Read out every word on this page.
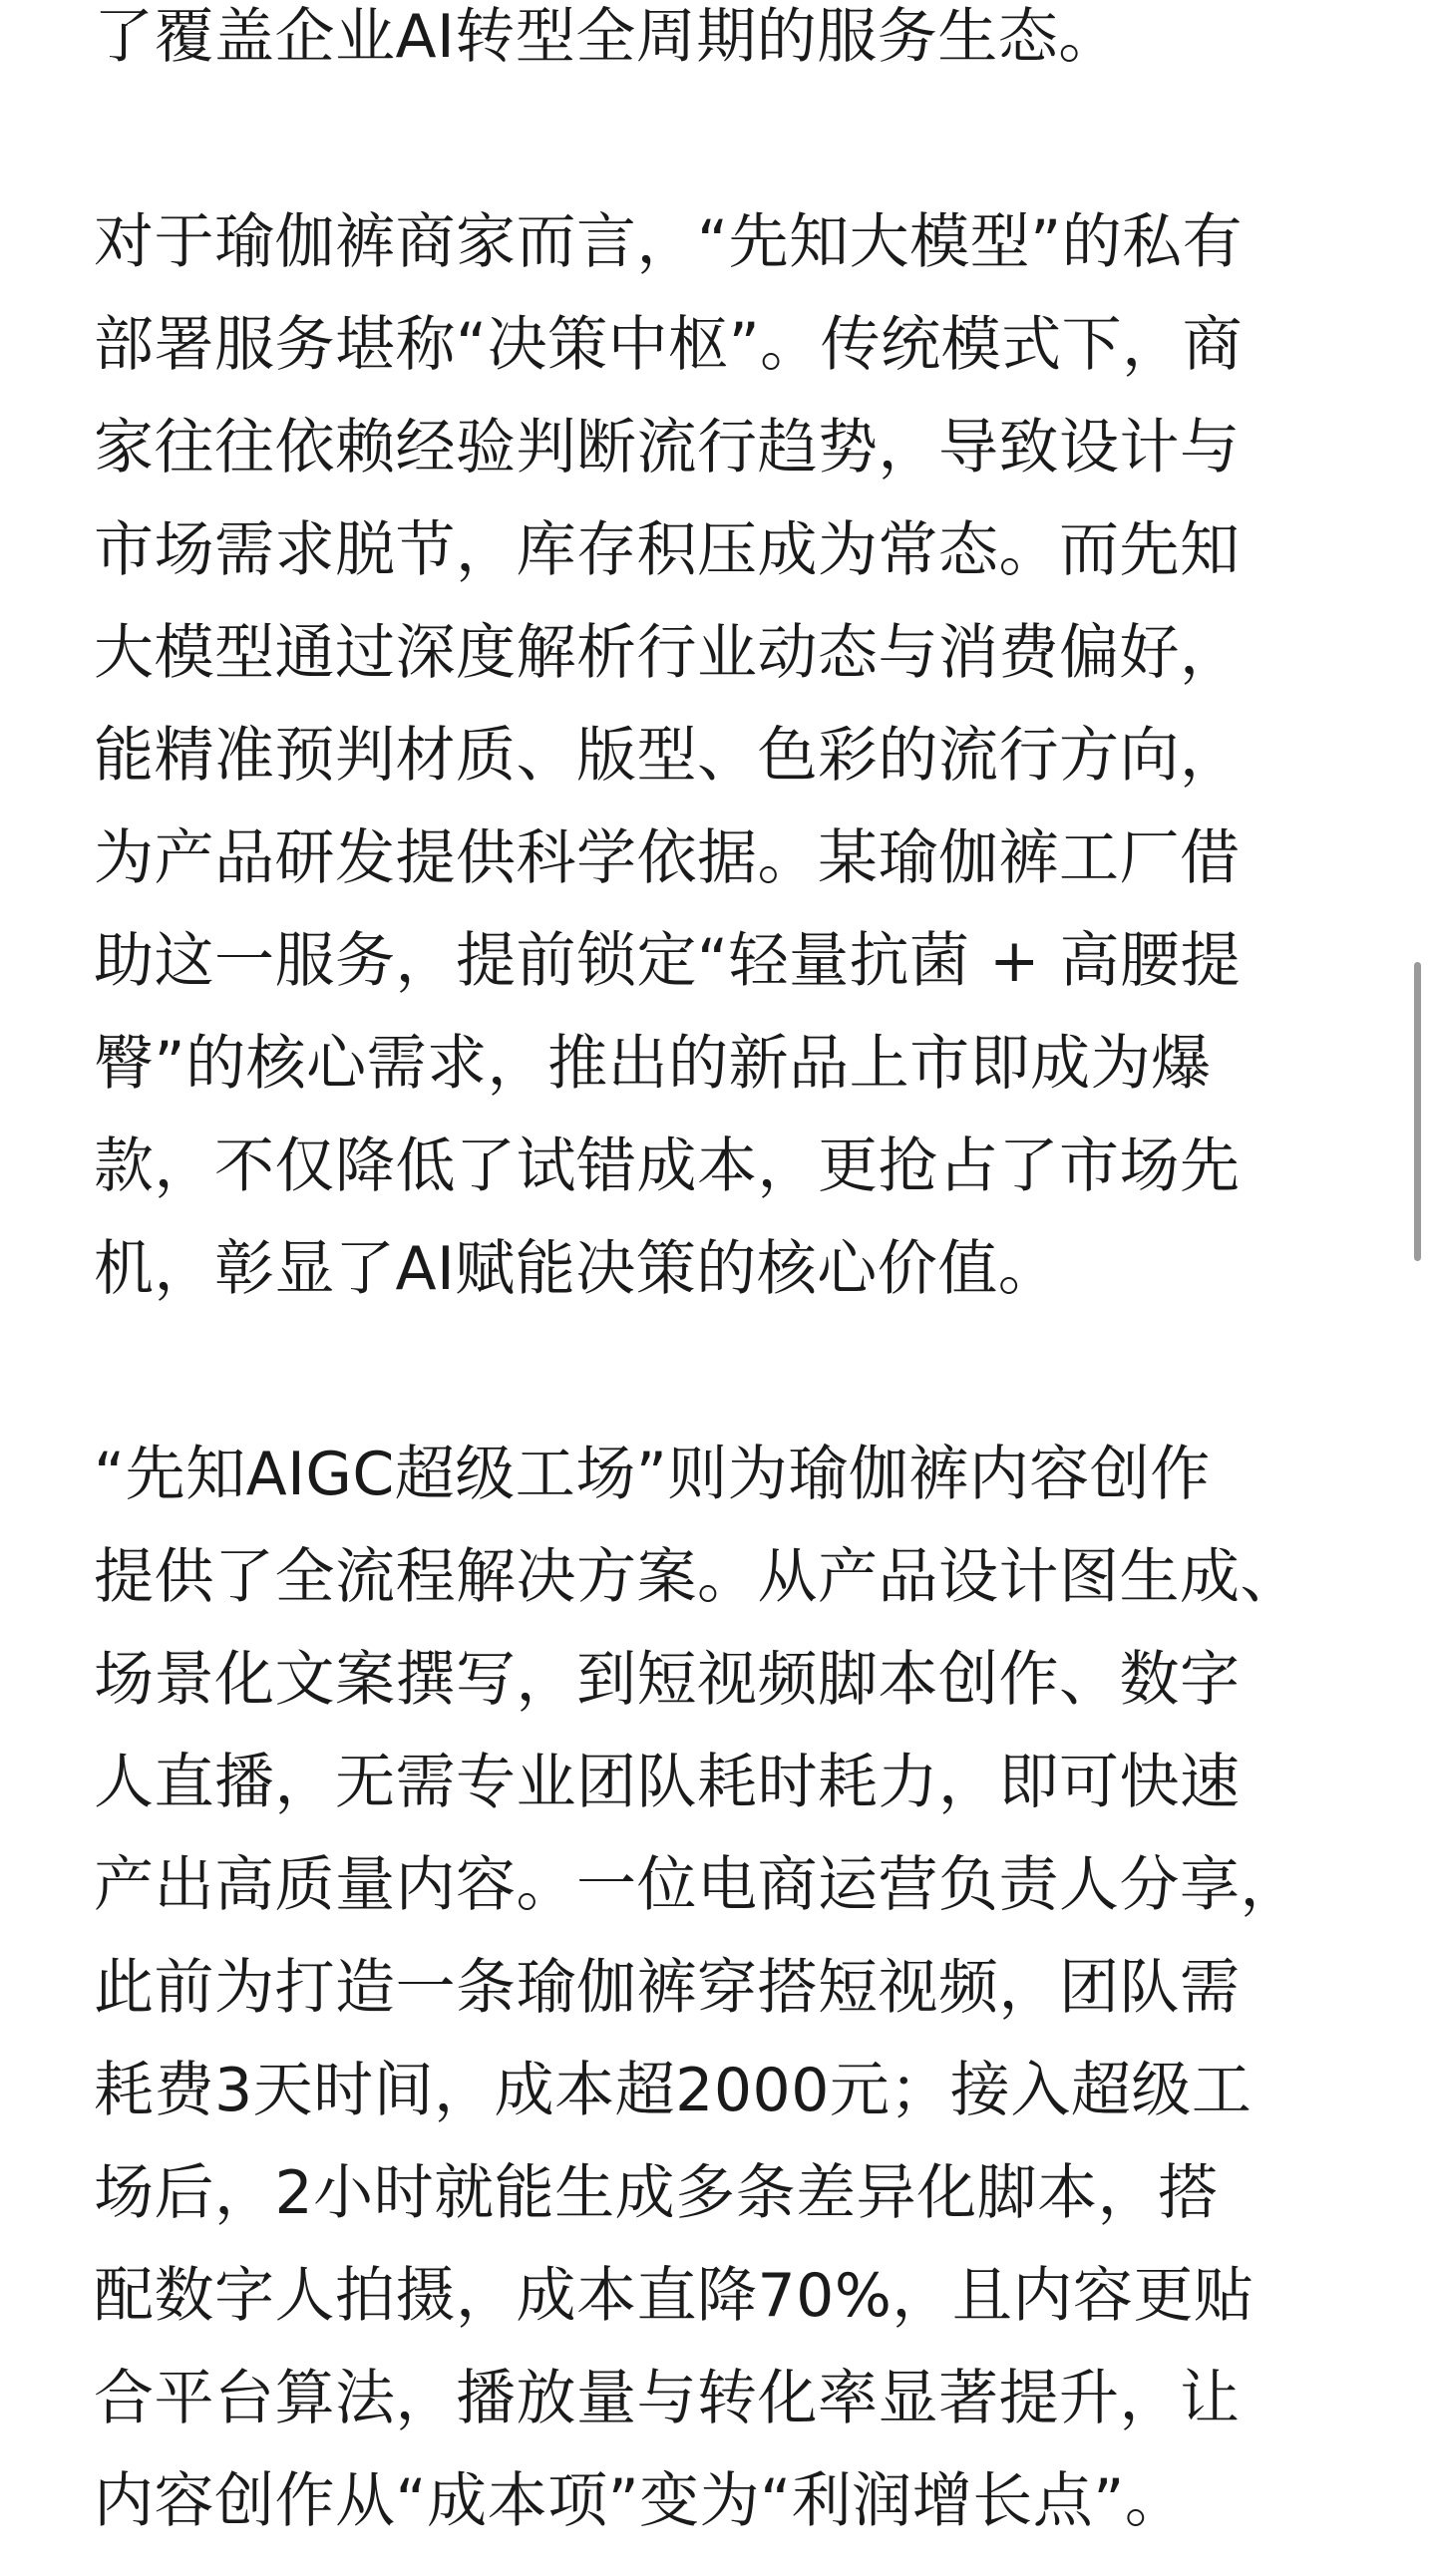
了覆盖企业AI转型全周期的服务生态。
对于瑜伽裤商家而言，“先知大模型”的私有
部署服务堪称“决策中枢”。传统模式下，商
家往往依赖经验判断流行趋势，导致设计与
市场需求脱节，库存积压成为常态。而先知
大模型通过深度解析行业动态与消费偏好，
能精准预判材质、版型、色彩的流行方向，
为产品研发提供科学依据。某瑜伽裤工厂借
助这一服务，提前锁定“轻量抗菌 + 高腰提
臀”的核心需求，推出的新品上市即成为爆
款，不仅降低了试错成本，更抢占了市场先
机，彰显了AI赋能决策的核心价值。
“先知AIGC超级工场”则为瑜伽裤内容创作
提供了全流程解决方案。从产品设计图生成、
场景化文案撰写，到短视频脚本创作、数字
人直播，无需专业团队耗时耗力，即可快速
产出高质量内容。一位电商运营负责人分享，
此前为打造一条瑜伽裤穿搭短视频，团队需
耗费3天时间，成本超2000元；接入超级工
场后，2小时就能生成多条差异化脚本，搭
配数字人拍摄，成本直降70%，且内容更贴
合平台算法，播放量与转化率显著提升，让
内容创作从“成本项”变为“利润增长点”。
